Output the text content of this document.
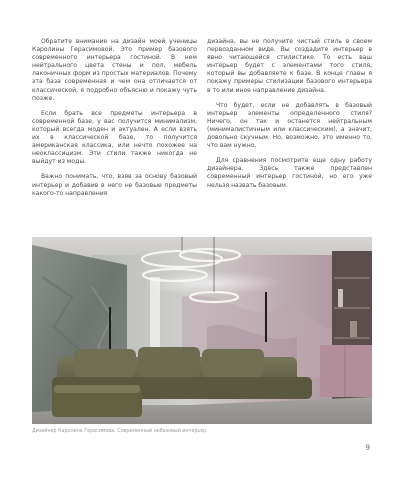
Обратите внимание на дизайн моей ученицы Каролины Герасимовой. Это пример базового современного интерьера гостиной. В нем нейтрального цвета стены и пол, мебель лаконичных форм из простых материалов. Почему эта база современная и чем она отличается от классической, я подробно объясню и покажу чуть позже.

Если брать все предметы интерьера в современной базе, у вас получится минимализм, который всегда моден и актуален. А если взять их в классической базе, то получится американская классика, или нечто похожее на неоклассицизм. Эти стили также никогда не выйдут из моды.

Важно понимать, что, взяв за основу базовый интерьер и добавив в него не базовые предметы какого-то направления

дизайна, вы не получите чистый стиль в своем первозданном виде. Вы создадите интерьер в явно читающейся стилистике. То есть ваш интерьер будет с элементами того стиля, который вы добавляете к базе. В конце главы я покажу примеры стилизации базового интерьера в то или иное направление дизайна.

Что будет, если не добавлять в базовый интерьер элементы определенного стиля? Ничего, он так и останется нейтральным (минималистичным или классическим), а значит, довольно скучным. Но, возможно, это именно то, что вам нужно.

Для сравнения посмотрите еще одну работу дизайнера. Здесь также представлен современный интерьер гостиной, но его уже нельзя назвать базовым.

Дизайнер Каролина Герасимова. Современный небазовый интерьер
9
